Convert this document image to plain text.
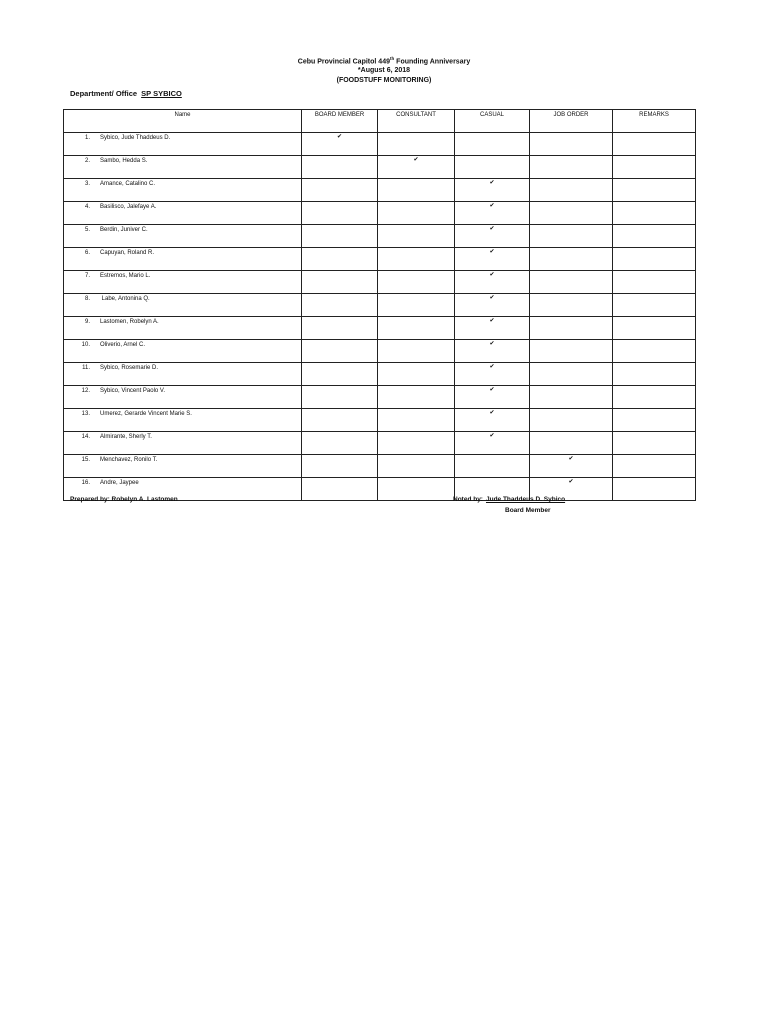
Cebu Provincial Capitol 449th Founding Anniversary
*August 6, 2018
(FOODSTUFF MONITORING)
Department/ Office SP SYBICO
Name	BOARD MEMBER	CONSULTANT	CASUAL	JOB ORDER	REMARKS
1. Sybico, Jude Thaddeus D.	✔				
2. Sambo, Hedda S.		✔			
3. Amance, Catalino C.			✔		
4. Basilisco, Jalefaye A.			✔		
5. Berdin, Juniver C.			✔		
6. Capuyan, Roland R.			✔		
7. Estremos, Mario L.			✔		
8. Labe, Antonina Q.			✔		
9. Lastomen, Robelyn A.			✔		
10. Oliverio, Arnel C.			✔		
11. Sybico, Rosemarie D.			✔		
12. Sybico, Vincent Paolo V.			✔		
13. Umerez, Gerarde Vincent Marie S.			✔		
14. Almirante, Sherly T.			✔		
15. Menchavez, Ronilo T.				✔	
16. Andre, Jaypee				✔	
Prepared by: Robelyn A. Lastomen	Noted by: Jude Thaddeus D. Sybico
Board Member
